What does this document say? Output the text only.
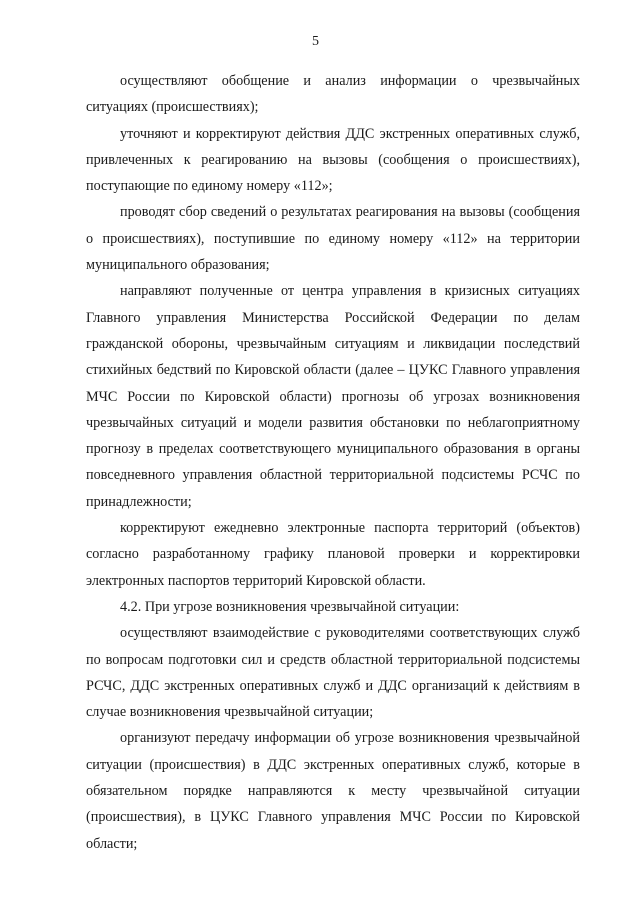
5

осуществляют обобщение и анализ информации о чрезвычайных ситуациях (происшествиях);

уточняют и корректируют действия ДДС экстренных оперативных служб, привлеченных к реагированию на вызовы (сообщения о происшествиях), поступающие по единому номеру «112»;

проводят сбор сведений о результатах реагирования на вызовы (сообщения о происшествиях), поступившие по единому номеру «112» на территории муниципального образования;

направляют полученные от центра управления в кризисных ситуациях Главного управления Министерства Российской Федерации по делам гражданской обороны, чрезвычайным ситуациям и ликвидации последствий стихийных бедствий по Кировской области (далее – ЦУКС Главного управления МЧС России по Кировской области) прогнозы об угрозах возникновения чрезвычайных ситуаций и модели развития обстановки по неблагоприятному прогнозу в пределах соответствующего муниципального образования в органы повседневного управления областной территориальной подсистемы РСЧС по принадлежности;

корректируют ежедневно электронные паспорта территорий (объектов) согласно разработанному графику плановой проверки и корректировки электронных паспортов территорий Кировской области.

4.2. При угрозе возникновения чрезвычайной ситуации:

осуществляют взаимодействие с руководителями соответствующих служб по вопросам подготовки сил и средств областной территориальной подсистемы РСЧС, ДДС экстренных оперативных служб и ДДС организаций к действиям в случае возникновения чрезвычайной ситуации;

организуют передачу информации об угрозе возникновения чрезвычайной ситуации (происшествия) в ДДС экстренных оперативных служб, которые в обязательном порядке направляются к месту чрезвычайной ситуации (происшествия), в ЦУКС Главного управления МЧС России по Кировской области;
